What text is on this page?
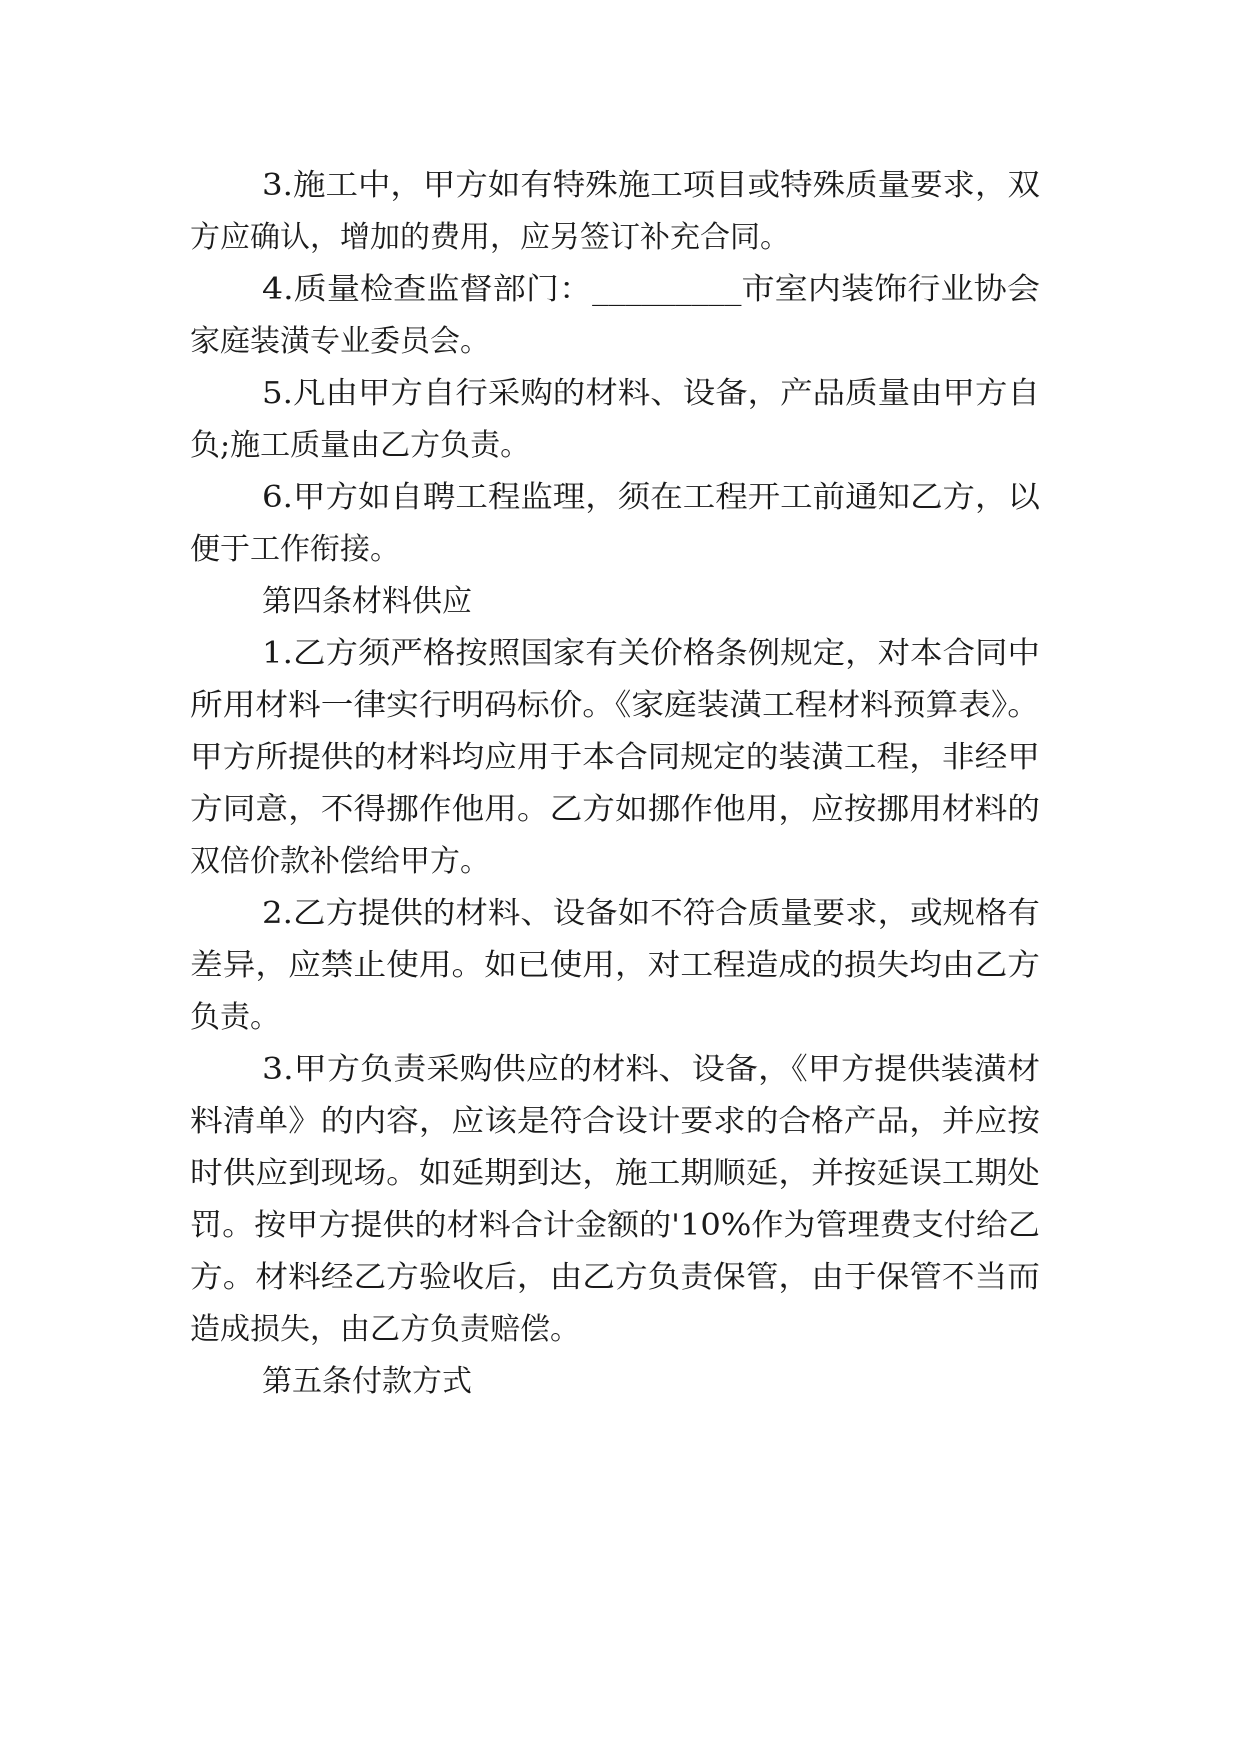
3.施工中，甲方如有特殊施工项目或特殊质量要求，双
方应确认，增加的费用，应另签订补充合同。
4.质量检查监督部门：_________市室内装饰行业协会
家庭装潢专业委员会。
5.凡由甲方自行采购的材料、设备，产品质量由甲方自
负;施工质量由乙方负责。
6.甲方如自聘工程监理，须在工程开工前通知乙方，以
便于工作衔接。
第四条材料供应
1.乙方须严格按照国家有关价格条例规定，对本合同中
所用材料一律实行明码标价。《家庭装潢工程材料预算表》。
甲方所提供的材料均应用于本合同规定的装潢工程，非经甲
方同意，不得挪作他用。乙方如挪作他用，应按挪用材料的
双倍价款补偿给甲方。
2.乙方提供的材料、设备如不符合质量要求，或规格有
差异，应禁止使用。如已使用，对工程造成的损失均由乙方
负责。
3.甲方负责采购供应的材料、设备，《甲方提供装潢材
料清单》的内容，应该是符合设计要求的合格产品，并应按
时供应到现场。如延期到达，施工期顺延，并按延误工期处
罚。按甲方提供的材料合计金额的'10%作为管理费支付给乙
方。材料经乙方验收后，由乙方负责保管，由于保管不当而
造成损失，由乙方负责赔偿。
第五条付款方式
